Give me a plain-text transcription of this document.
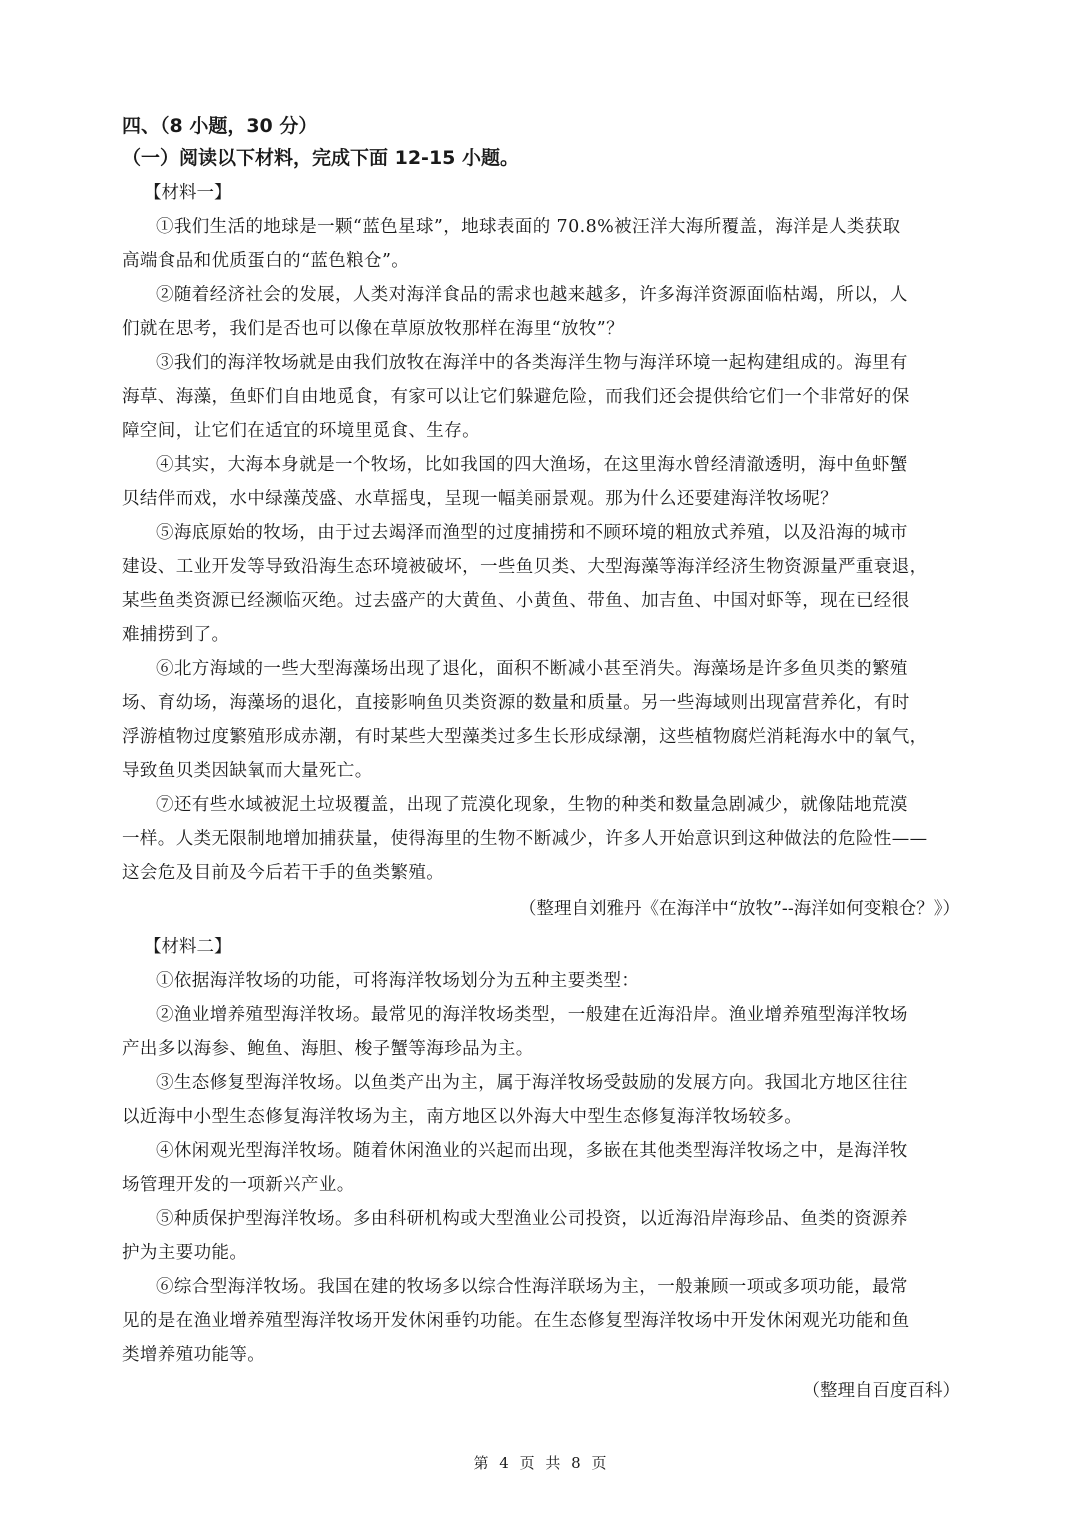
四、（8 小题，30 分）
（一）阅读以下材料，完成下面 12-15 小题。
【材料一】
①我们生活的地球是一颗“蓝色星球”，地球表面的 70.8%被汪洋大海所覆盖，海洋是人类获取
高端食品和优质蛋白的“蓝色粮仓”。
②随着经济社会的发展，人类对海洋食品的需求也越来越多，许多海洋资源面临枯竭，所以，人
们就在思考，我们是否也可以像在草原放牧那样在海里“放牧”？
③我们的海洋牧场就是由我们放牧在海洋中的各类海洋生物与海洋环境一起构建组成的。海里有
海草、海藻，鱼虾们自由地觅食，有家可以让它们躲避危险，而我们还会提供给它们一个非常好的保
障空间，让它们在适宜的环境里觅食、生存。
④其实，大海本身就是一个牧场，比如我国的四大渔场，在这里海水曾经清澈透明，海中鱼虾蟹
贝结伴而戏，水中绿藻茂盛、水草摇曳，呈现一幅美丽景观。那为什么还要建海洋牧场呢？
⑤海底原始的牧场，由于过去竭泽而渔型的过度捕捞和不顾环境的粗放式养殖，以及沿海的城市
建设、工业开发等导致沿海生态环境被破坏，一些鱼贝类、大型海藻等海洋经济生物资源量严重衰退，
某些鱼类资源已经濒临灭绝。过去盛产的大黄鱼、小黄鱼、带鱼、加吉鱼、中国对虾等，现在已经很
难捕捞到了。
⑥北方海域的一些大型海藻场出现了退化，面积不断减小甚至消失。海藻场是许多鱼贝类的繁殖
场、育幼场，海藻场的退化，直接影响鱼贝类资源的数量和质量。另一些海域则出现富营养化，有时
浮游植物过度繁殖形成赤潮，有时某些大型藻类过多生长形成绿潮，这些植物腐烂消耗海水中的氧气，
导致鱼贝类因缺氧而大量死亡。
⑦还有些水域被泥土垃圾覆盖，出现了荒漠化现象，生物的种类和数量急剧减少，就像陆地荒漠
一样。人类无限制地增加捕获量，使得海里的生物不断减少，许多人开始意识到这种做法的危险性——
这会危及目前及今后若干手的鱼类繁殖。
（整理自刘雅丹《在海洋中“放牧”--海洋如何变粮仓？》）
【材料二】
①依据海洋牧场的功能，可将海洋牧场划分为五种主要类型：
②渔业增养殖型海洋牧场。最常见的海洋牧场类型，一般建在近海沿岸。渔业增养殖型海洋牧场
产出多以海参、鲍鱼、海胆、梭子蟹等海珍品为主。
③生态修复型海洋牧场。以鱼类产出为主，属于海洋牧场受鼓励的发展方向。我国北方地区往往
以近海中小型生态修复海洋牧场为主，南方地区以外海大中型生态修复海洋牧场较多。
④休闲观光型海洋牧场。随着休闲渔业的兴起而出现，多嵌在其他类型海洋牧场之中，是海洋牧
场管理开发的一项新兴产业。
⑤种质保护型海洋牧场。多由科研机构或大型渔业公司投资，以近海沿岸海珍品、鱼类的资源养
护为主要功能。
⑥综合型海洋牧场。我国在建的牧场多以综合性海洋联场为主，一般兼顾一项或多项功能，最常
见的是在渔业增养殖型海洋牧场开发休闲垂钓功能。在生态修复型海洋牧场中开发休闲观光功能和鱼
类增养殖功能等。
（整理自百度百科）
第 4 页 共 8 页
